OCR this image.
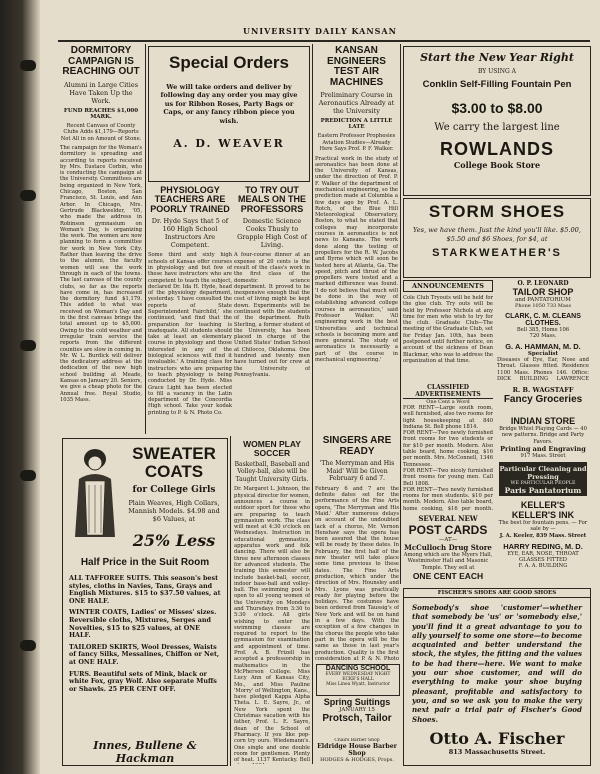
UNIVERSITY DAILY KANSAN
DORMITORY CAMPAIGN IS REACHING OUT
Alumni in Large Cities Have Taken Up the Work.
FUND REACHES $1,000 MARK.
Recent Canvass of County Clubs Adds $1,179—Reports Not All in on Amount of Stone.
The campaign for the Woman's dormitory is spreading and according to reports received by Mrs. Eustace Corbin, who is conducting the campaign at the University. Committees are being organized in New York, Chicago, Boston, San Francisco, St. Louis, and Ann Arbor. In Chicago, Mrs. Gertrude Blackwelder, '05, who made the address in Robinson gymnasium on Woman's Day, is organizing the work. The women are now planning to form a committee for work in New York City. Rather than leaving the drive to the alumni, the faculty women will see the work through in each of the towns. The last canvass of the county clubs, so far as the reports have come in, has increased the dormitory fund $1,179. This added to what was received on Woman's Day and in the first canvass brings the total amount up to $5,000. Owing to the cold weather and irregular train service the reports from the different counties are slow in coming in. Mr. W. L. Burdick will deliver the dedicatory address at the dedication of the new high school building at Meade, Kansas on January 20. Seniors, we give a cheap photo for the Annual free. Royal Studio, 1035 Mass.
Special Orders
We will take orders and deliver by following day any order you may give us for Ribbon Roses, Party Bags or Caps, or any fancy ribbon piece you wish.
A. D. WEAVER
PHYSIOLOGY TEACHERS ARE POORLY TRAINED
Dr. Hyde Says that 5 of 160 High School Instructors Are Competent.
Some third and sixty high schools of Kansas offer courses in physiology and but few of these have instructors who are competent to teach the subject, declared Dr. Ida H. Hyde, head of the physiology department, yesterday. 'I have consulted the reports of State Superintendent Fairchild,' she continued, 'and find that the preparation for teaching is inadequate. All students should take at least an elementary course in physiology and those interested in any of the biological sciences will find it invaluable.' A training class for instructors who are preparing to teach physiology is being conducted by Dr. Hyde. Miss Grace Light has been elected to fill a vacancy in the Latin department of the Concordia High school. Take your kodak printing to P. & N. Photo Co.
TO TRY OUT MEALS ON THE PROFESSORS
Domestic Science Cooks Thusly to Grapple High Cost of Living.
A four-course dinner at an expense of 20 cents is the result of the class's work in the first class of the domestic science department. It proved to be inexpensive enough that the cost of living might be kept down. Experiments will be continued with the students of the department. Ruth Sterling, a former student of the University, has been placed in charge of the United States' Indian School at Chilocco, Oklahoma. One hundred and twenty men have turned out for crew at the University of Pennsylvania.
KANSAN ENGINEERS TEST AIR MACHINES
Preliminary Course in Aeronautics Already at the University
PREDICTION A LITTLE LATE
Eastern Professor Prophesies Aviation Studies—Already Here Says Prof. P. F. Walker.
Practical work in the study of aeronautics has been done at the University of Kansas, under the direction of Prof. P. F. Walker of the department of mechanical engineering, so the prediction made at Columbia a few days ago by Prof. A. L. Rotch, of the Blue Hill Meteorological Observatory, Boston, to what he stated that colleges may incorporate courses in aeronautics is not news to Kansans. The work done along the testing of propellers for the R. W. Jacobs and Byrne which will soon be tested here at Atlanta, Ga. The speed, pitch and thrust of the propellers were tested and a marked difference was found. 'I do not believe that much will be done in the way of establishing advanced college courses in aeronautics,' said Professor Walker. 'All engineering work in the best Universities and technical schools is becoming more and more general. The study of aeronautics is necessarily a part of the course in mechanical engineering.'
Start the New Year Right
BY USING A
Conklin Self-Filling Fountain Pen
$3.00 to $8.00
We carry the largest line
ROWLANDS
College Book Store
STORM SHOES
Yes, we have them. Just the kind you'll like. $5.00, $5.50 and $6 Shoes, for $4, at
STARKWEATHER'S
ANNOUNCEMENTS
Cole Club Tryouts will be held for the glee club. Try outs will be held by Professor Nichols at any time for men who wish to try for the club. Graduate Club—The meeting of the Graduate Club, set for Friday Jan. 10th, has been postponed until further notice, on account of the sickness of Dean Blackmar, who was to address the organization at that time.
O. P. LEONARD
TAILOR SHOP
and PANTATORIUM
Phone 1050 733 Mass
CLARK, C. M. CLEANS CLOTHES.
Bell 385, Home 106
720 Mass.
G. A. HAMMAN, M. D.
Specialist
Diseases of Eye, Ear, Nose and Throat. Glasses fitted. Residence 1100 Mass. Phones 146. Office: DICK BUILDING LAWRENCE
CLASSIFIED ADVERTISEMENTS
One Cent a Word
FOR RENT—Large south room, well furnished, also two rooms for light housekeeping at 840 Indiana St. Bell phone 1814.
FOR RENT—Two newly furnished front rooms for two students or for $10 per month. Modern. Also table board, home cooking, $16 per month. Mrs. McConnell, 1346 Tennessee.
FOR RENT—Two nicely furnished front rooms for young men. Call Bell 1808.
FOR RENT—Two newly furnished rooms for men students. $10 per month. Modern. Also table board, home cooking, $16 per month.
R. B. WAGSTAFF
Fancy Groceries
INDIAN STORE
Bridge Whist Playing Cards — 40 new patterns. Bridge and Party Favors.
Printing and Engraving
917 Mass. Street
Particular Cleaning and Pressing
WE PARTICULAR PEOPLE
Paris Pantatorium
SEVERAL NEW
POST CARDS
—AT—
McCulloch Drug Store
Among which are the Myers Hall, Westminster Hall and Masonic Temple. They sell at
ONE CENT EACH
KELLER'S
KELLER'S INK
The best for fountain pens. — For sale by —
J. A. Keeler, 839 Mass. Street
HARRY REDING, M. D.
EYE, EAR, NOSE, THROAT GLASSES FITTED
F. A. A. BUILDING
SWEATER COATS
for College Girls
Plain Weaves, High Collars, Mannish Models. $4.98 and $6 Values, at
25% Less
Half Price in the Suit Room
ALL TAFFOREE SUITS. This season's best styles, cloths in Navies, Tans, Grays and English Mixtures. $15 to $37.50 values, at ONE HALF.
WINTER COATS, Ladies' or Misses' sizes. Reversible cloths, Mixtures, Serges and Novelties, $15 to $25 values, at ONE HALF.
TAILORED SKIRTS, Wool Dresses, Waists of fancy Silks, Messalines, Chiffon or Net, at ONE HALF.
FURS. Beautiful sets of Mink, black or white Fox, gray Wolf. Also separate Muffs or Shawls. 25 PER CENT OFF.
Innes, Bullene & Hackman
WOMEN PLAY SOCCER
Basketball, Baseball and Volley-ball, also will be Taught University Girls.
Dr. Margaret L. Johnson, the physical director for women, announces a course in outdoor sport for those who are preparing to teach gymnasium work. The class will meet at 4:30 o'clock on Wednesdays. Instruction in educational gymnastics, apparatus work and folk dancing. There will also be three new afternoon classes for advanced students. The training this semester will include basket-ball, soccer, indoor base-ball and volley-ball. The swimming pool is open to all young women of the University on Mondays and Thursdays from 3:30 to 5:30 o'clock. All girls wishing to enter the swimming classes are required to report to the gymnasium for examination and appointment of time. Prof. A. B. Frizell has accepted a professorship in mathematics in the McPherson College. Miss Lucy Ann of Kansas City, Mo., and Miss Pauline 'Morry' of Wellington, Kans., have pledged Kappa Alpha Theta. L. E. Sayre, Jr., of New York spent the Christmas vacation with his father, Prof. L. E. Sayre, dean of the School of Pharmacy. If you like pop-corn try ours. Wiedemann's. One single and one double room for gentlemen. Plenty of heat. 1137 Kentucky. Bell
SINGERS ARE READY
'The Merryman and His Maid' Will be Given February 6 and 7.
February 6 and 7 are the definite dates set for the performance of the Fine Arts opera, 'The Merryman and His Maid.' After numerous delays on account of the undoubted lack of a chorus, Mr. Vernon Henshaw says the opera has been assured that the house will be ready by these dates. In February, the first half of the new theater will take place some time previous to these dates. The Fine Arts production, which under the direction of Mrs. Hounsley and Mrs. Lyons was practically ready for playing before the holidays. The costumes have been ordered from Taussig's of New York and will be on hand in a few days. With the exception of a few changes in the chorus the people who take part in the opera will be the same as those in last year's production. Quality is the first consideration at P. & N. Photo
DANCING SCHOOL
EVERY WEDNESDAY NIGHT
ECKE'S HALL
Miss Linea Wyatt, Instructor
Spring Suitings
JANUARY 15
Protsch, Tailor
Chairs Barber Shop
Eldridge House Barber Shop
HODGES & HODGES, Props.
FISCHER'S SHOES ARE GOOD SHOES
Somebody's shoe 'customer'—whether that somebody be 'us' or 'somebody else,' you'll find it a great advantage to you to ally yourself to some one store—to become acquainted and better understand the stock, the styles, the fitting and the values to be had there—here. We want to make you our shoe customer, and will do everything to make your shoe buying pleasant, profitable and satisfactory to you, and so we ask you to make the very next pair a trial pair of Fischer's Good Shoes.
Otto A. Fischer
813 Massachusetts Street.
